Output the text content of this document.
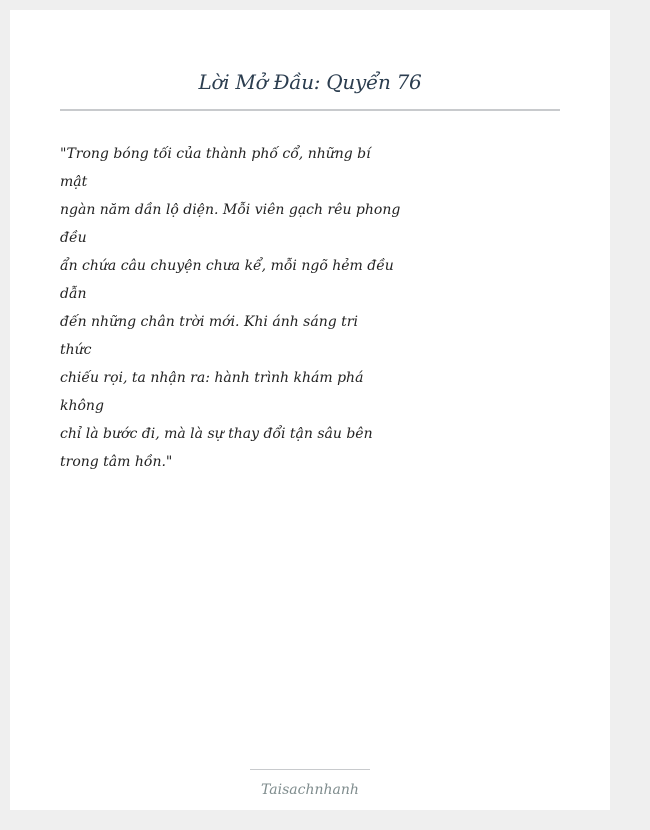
Lời Mở Đầu: Quyển 76
"Trong bóng tối của thành phố cổ, những bí
mật
ngàn năm dần lộ diện. Mỗi viên gạch rêu phong
đều
ẩn chứa câu chuyện chưa kể, mỗi ngõ hẻm đều
dẫn
đến những chân trời mới. Khi ánh sáng tri
thức
chiếu rọi, ta nhận ra: hành trình khám phá
không
chỉ là bước đi, mà là sự thay đổi tận sâu bên
trong tâm hồn."
Taisachnhanh
